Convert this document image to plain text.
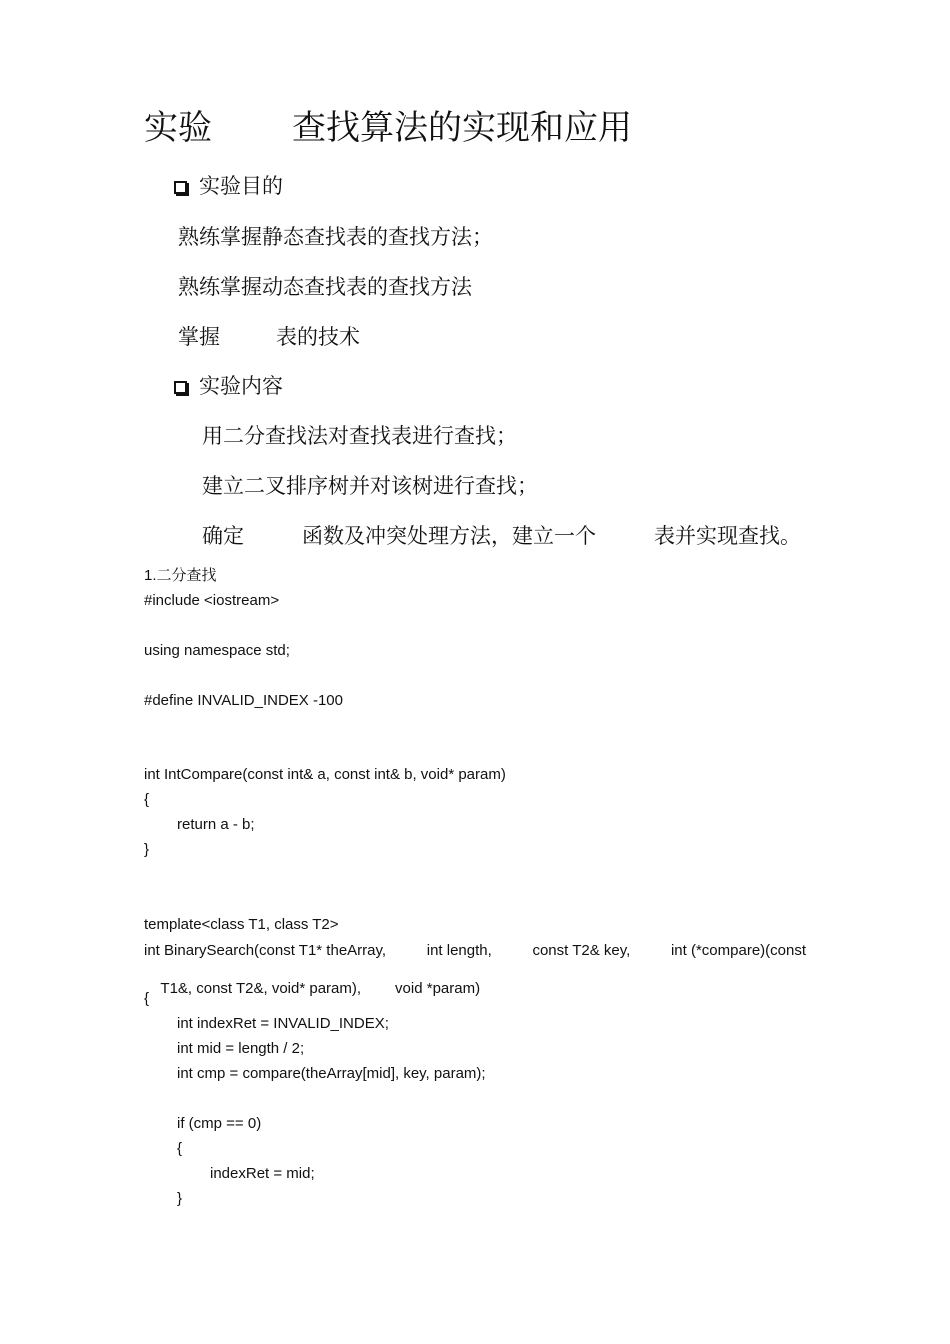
实验 查找算法的实现和应用
实验目的
熟练掌握静态查找表的查找方法；
熟练掌握动态查找表的查找方法
掌握	表的技术
实验内容
用二分查找法对查找表进行查找；
建立二叉排序树并对该树进行查找；
确定	函数及冲突处理方法，建立一个	表并实现查找。
1.二分查找
#include <iostream>
using namespace std;
#define INVALID_INDEX -100
int IntCompare(const int& a, const int& b, void* param)
{
return a - b;
}
template<class T1, class T2>
int BinarySearch(const T1* theArray,	int length,	const T2& key,	int (*compare)(const

T1&, const T2&, void* param), void *param)

{
int indexRet = INVALID_INDEX;
int mid = length / 2;
int cmp = compare(theArray[mid], key, param);
if (cmp == 0)
{
indexRet = mid;
}
